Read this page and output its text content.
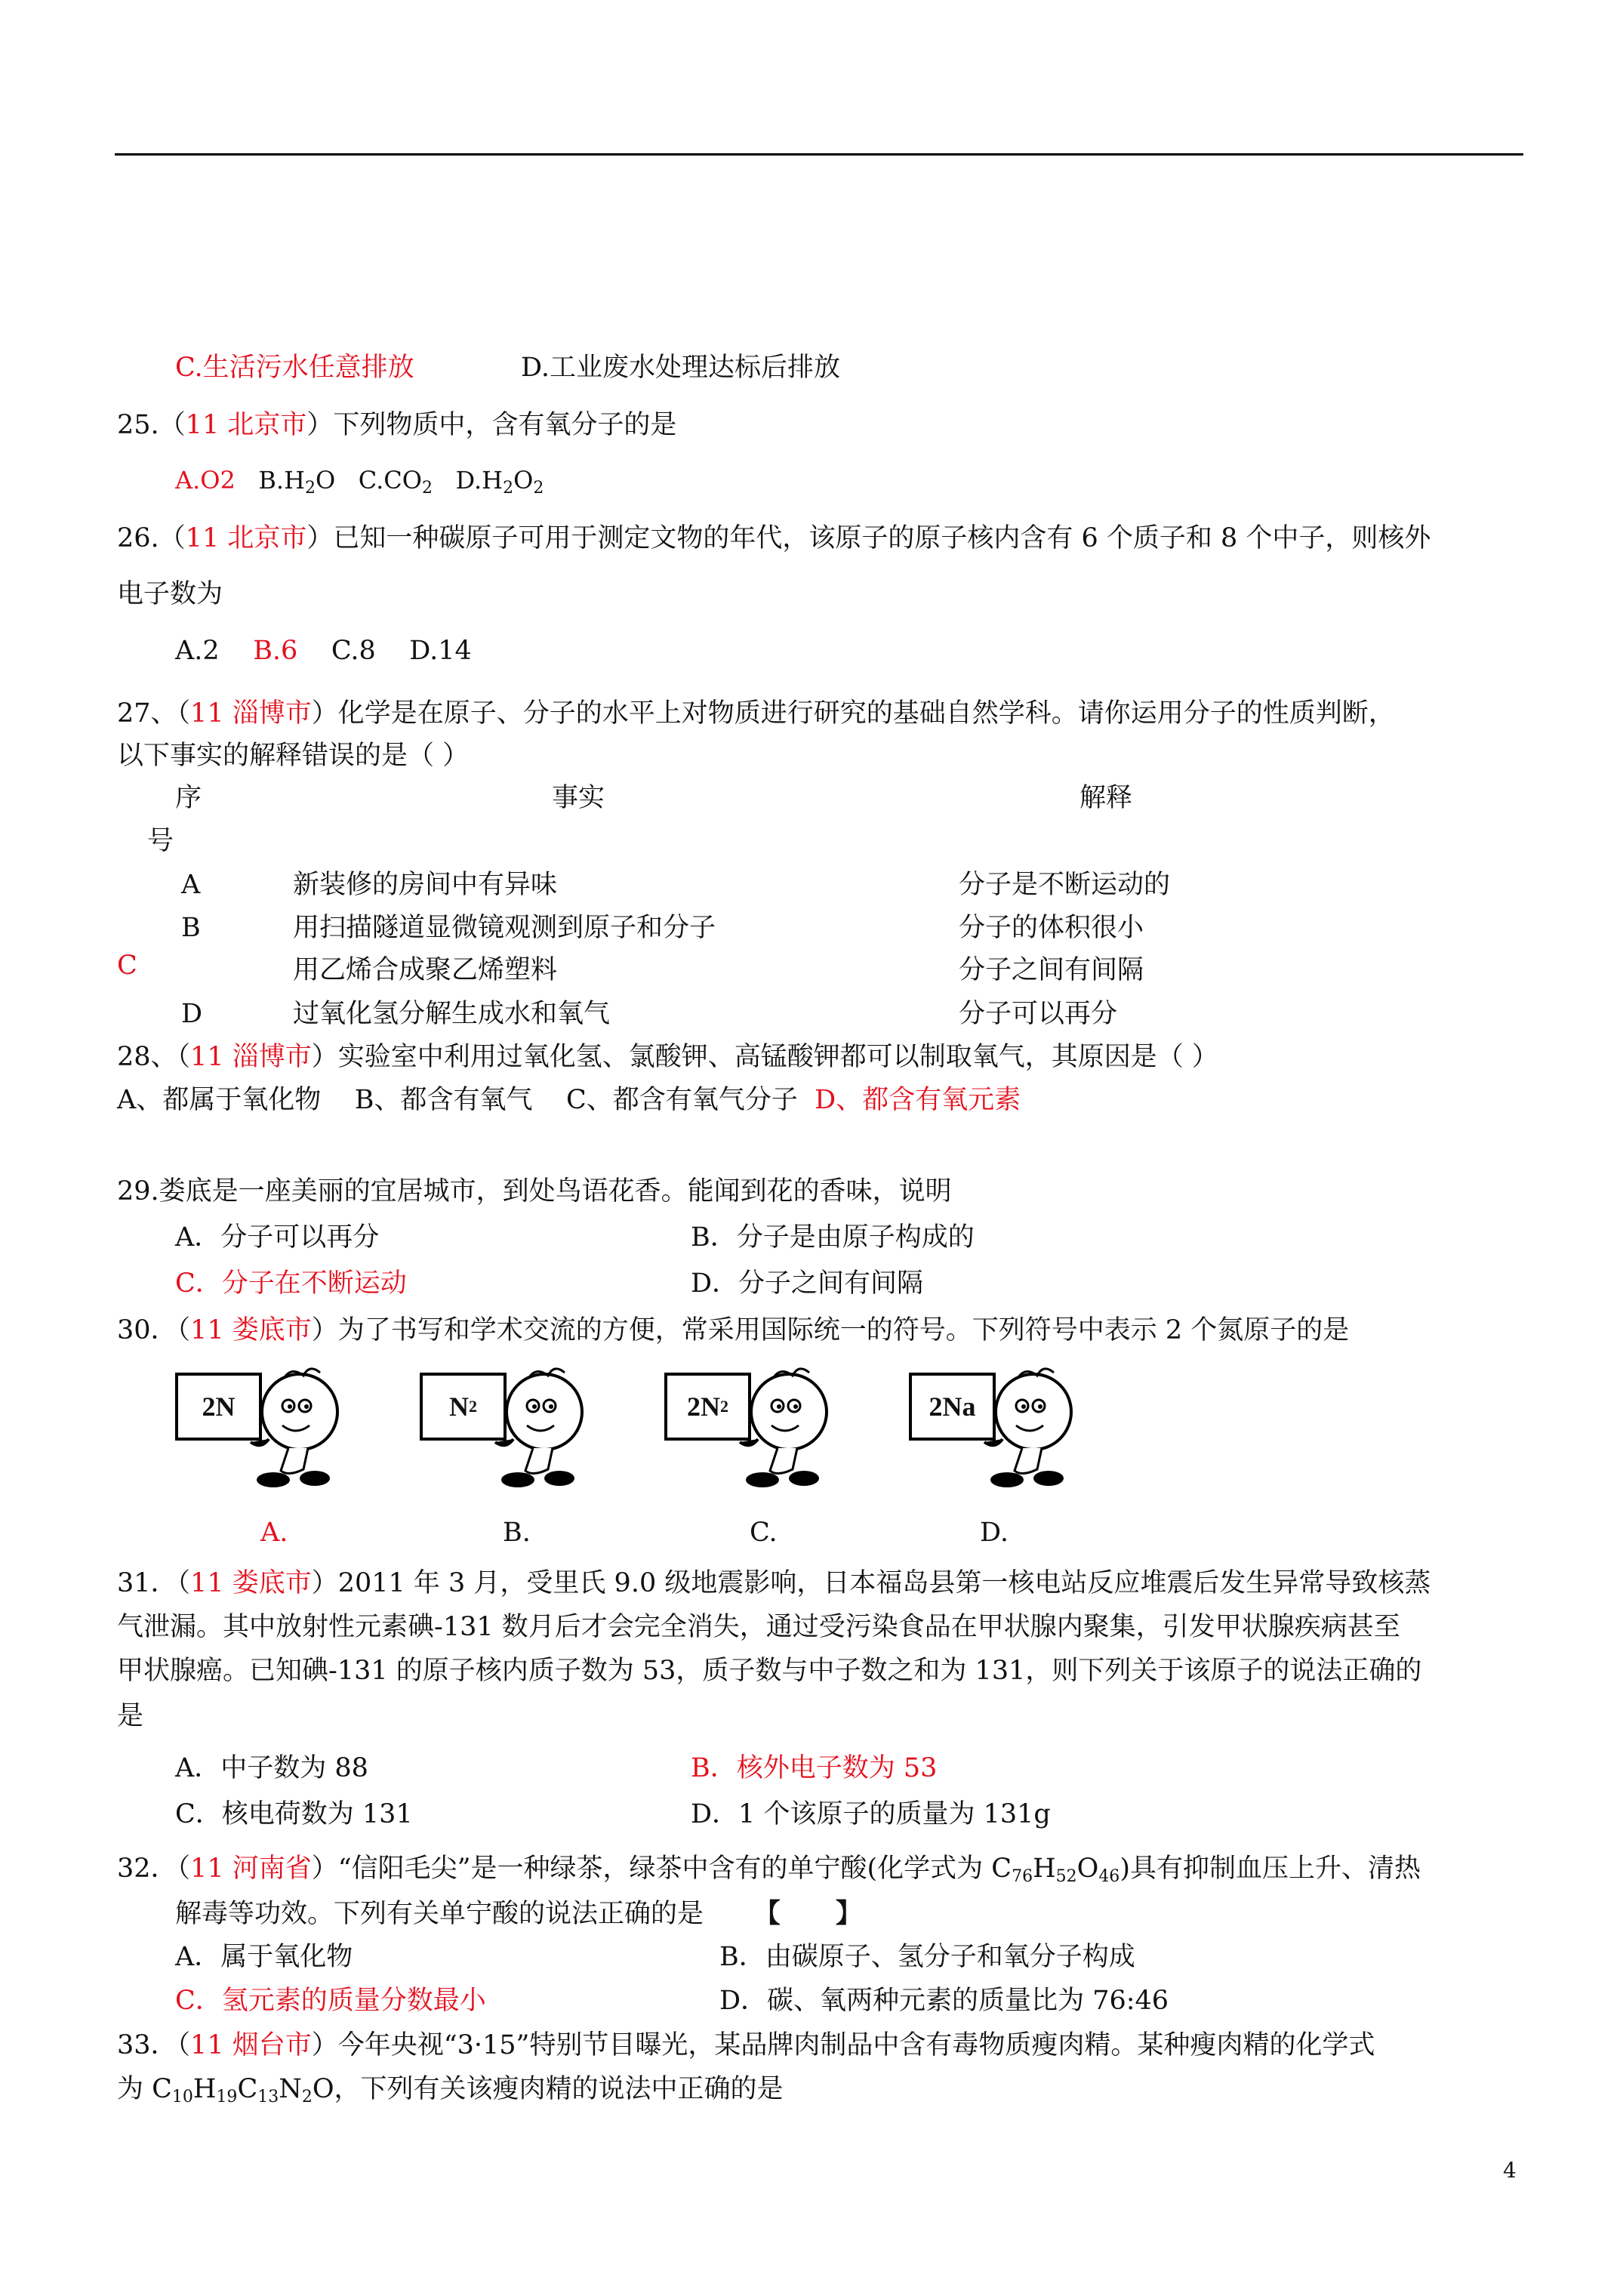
C.生活污水任意排放	D.工业废水处理达标后排放
25.（11 北京市）下列物质中，含有氧分子的是
A.O2 $B.H_2O$ $C.CO_2$ $D.H_2O_2$
26.（11 北京市）已知一种碳原子可用于测定文物的年代，该原子的原子核内含有 6 个质子和 8 个中子，则核外
电子数为
A.2 B.6 C.8 D.14
27、（11 淄博市）化学是在原子、分子的水平上对物质进行研究的基础自然学科。请你运用分子的性质判断，
以下事实的解释错误的是（ ）
序	事实	解释
号
A	新装修的房间中有异味	分子是不断运动的
B	用扫描隧道显微镜观测到原子和分子	分子的体积很小
C	用乙烯合成聚乙烯塑料	分子之间有间隔
D	过氧化氢分解生成水和氧气	分子可以再分
28、（11 淄博市）实验室中利用过氧化氢、氯酸钾、高锰酸钾都可以制取氧气，其原因是（ ）
A、都属于氧化物    B、都含有氧气    C、都含有氧气分子 D、都含有氧元素
29.娄底是一座美丽的宜居城市，到处鸟语花香。能闻到花的香味，说明
A．分子可以再分	B．分子是由原子构成的
C．分子在不断运动	D．分子之间有间隔
30．（11 娄底市）为了书写和学术交流的方便，常采用国际统一的符号。下列符号中表示 2 个氮原子的是
2N	N 2	2N 2	2Na
A.	B.	C.	D.
31．（11 娄底市）2011 年 3 月，受里氏 9.0 级地震影响，日本福岛县第一核电站反应堆震后发生异常导致核蒸
气泄漏。其中放射性元素碘-131 数月后才会完全消失，通过受污染食品在甲状腺内聚集，引发甲状腺疾病甚至
甲状腺癌。已知碘-131 的原子核内质子数为 53，质子数与中子数之和为 131，则下列关于该原子的说法正确的
是
A．中子数为 88	B．核外电子数为 53
C．核电荷数为 131	D．1 个该原子的质量为 131g
32．（11 河南省）“信阳毛尖”是一种绿茶，绿茶中含有的单宁酸(化学式为 $C_{76}H_{52}O_{46}$)具有抑制血压上升、清热
解毒等功效。下列有关单宁酸的说法正确的是 【      】
A．属于氧化物	B．由碳原子、氢分子和氧分子构成
C．氢元素的质量分数最小	D．碳、氧两种元素的质量比为 76:46
33．（11 烟台市）今年央视“3·15”特别节目曝光，某品牌肉制品中含有毒物质瘦肉精。某种瘦肉精的化学式
为 $C_{10}H_{19}C_{13}N_2O$，下列有关该瘦肉精的说法中正确的是
4
